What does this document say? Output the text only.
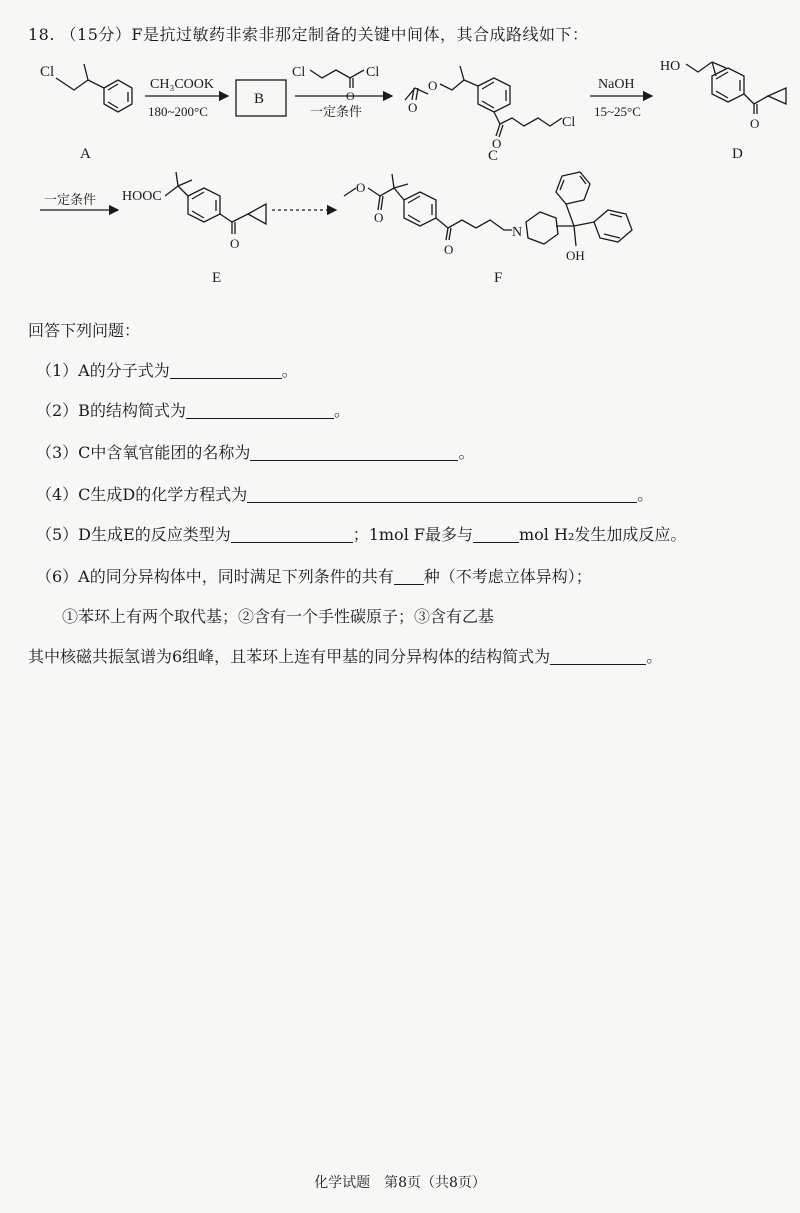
18. （15分）F是抗过敏药非索非那定制备的关键中间体，其合成路线如下：
Cl
A
CH₃COOK
180~200°C
B
Cl	Cl
O
一定条件	O
O
O
Cl
C
NaOH
15~25°C
HO
O
D
一定条件 HOOC
O
E
O
O
O
N
OH
F
回答下列问题：
（1）A的分子式为	。
（2）B的结构简式为	。
（3）C中含氧官能团的名称为	。
（4）C生成D的化学方程式为	。
（5）D生成E的反应类型为	；1mol F最多与	mol H₂发生加成反应。
（6）A的同分异构体中，同时满足下列条件的共有 种（不考虑立体异构）；
①苯环上有两个取代基；②含有一个手性碳原子；③含有乙基
其中核磁共振氢谱为6组峰，且苯环上连有甲基的同分异构体的结构简式为	。
化学试题　第8页（共8页）
